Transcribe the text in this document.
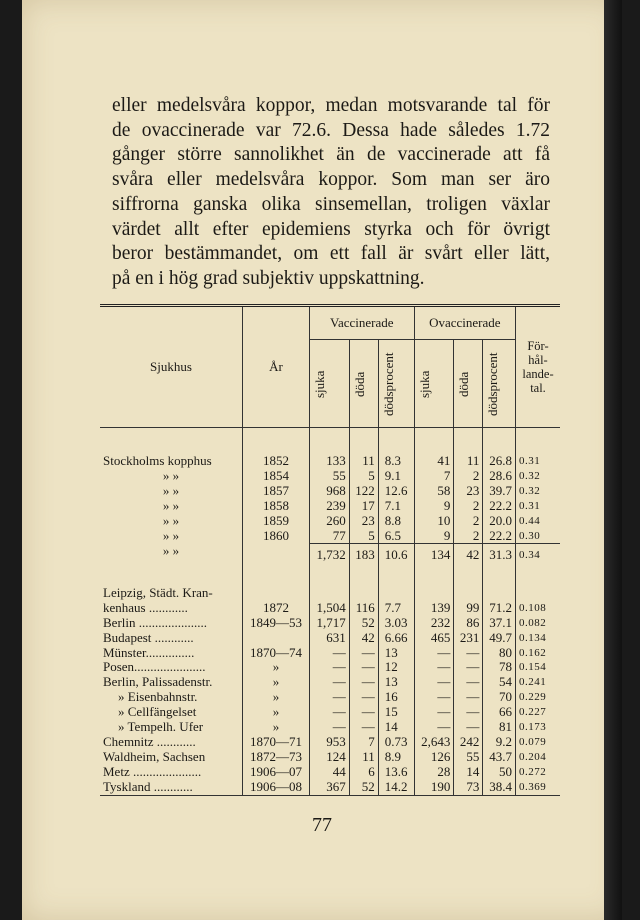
eller medelsvåra koppor, medan motsvarande tal för
de ovaccinerade var 72.6. Dessa hade således 1.72
gånger större sannolikhet än de vaccinerade att få
svåra eller medelsvåra koppor. Som man ser äro
siffrorna ganska olika sinsemellan, troligen växlar
värdet allt efter epidemiens styrka och för övrigt
beror bestämmandet, om ett fall är svårt eller lätt,
på en i hög grad subjektiv uppskattning.
Sjukhus	År	Vaccinerade			Ovaccinerade			För-
hål-
lande-
tal.

		sjuka	döda	dödsprocent	sjuka	döda	dödsprocent	

Stockholms kopphus	1852	133	11	8.3	41	11	26.8	0.31
» »	1854	55	5	9.1	7	2	28.6	0.32
» »	1857	968	122	12.6	58	23	39.7	0.32
» »	1858	239	17	7.1	9	2	22.2	0.31
» »	1859	260	23	8.8	10	2	20.0	0.44
» »	1860	77	5	6.5	9	2	22.2	0.30
» »		1,732	183	10.6	134	42	31.3	0.34
Leipzig, Städt. Kran-								
kenhaus ............	1872	1,504	116	7.7	139	99	71.2	0.108
Berlin .....................	1849—53	1,717	52	3.03	232	86	37.1	0.082
Budapest ............		631	42	6.66	465	231	49.7	0.134
Münster...............	1870—74	—	—	13	—	—	80	0.162
Posen......................	»	—	—	12	—	—	78	0.154
Berlin, Palissadenstr.	»	—	—	13	—	—	54	0.241
» Eisenbahnstr.	»	—	—	16	—	—	70	0.229
» Cellfängelset	»	—	—	15	—	—	66	0.227
» Tempelh. Ufer	»	—	—	14	—	—	81	0.173
Chemnitz ............	1870—71	953	7	0.73	2,643	242	9.2	0.079
Waldheim, Sachsen	1872—73	124	11	8.9	126	55	43.7	0.204
Metz .....................	1906—07	44	6	13.6	28	14	50	0.272
Tyskland ............	1906—08	367	52	14.2	190	73	38.4	0.369
77
